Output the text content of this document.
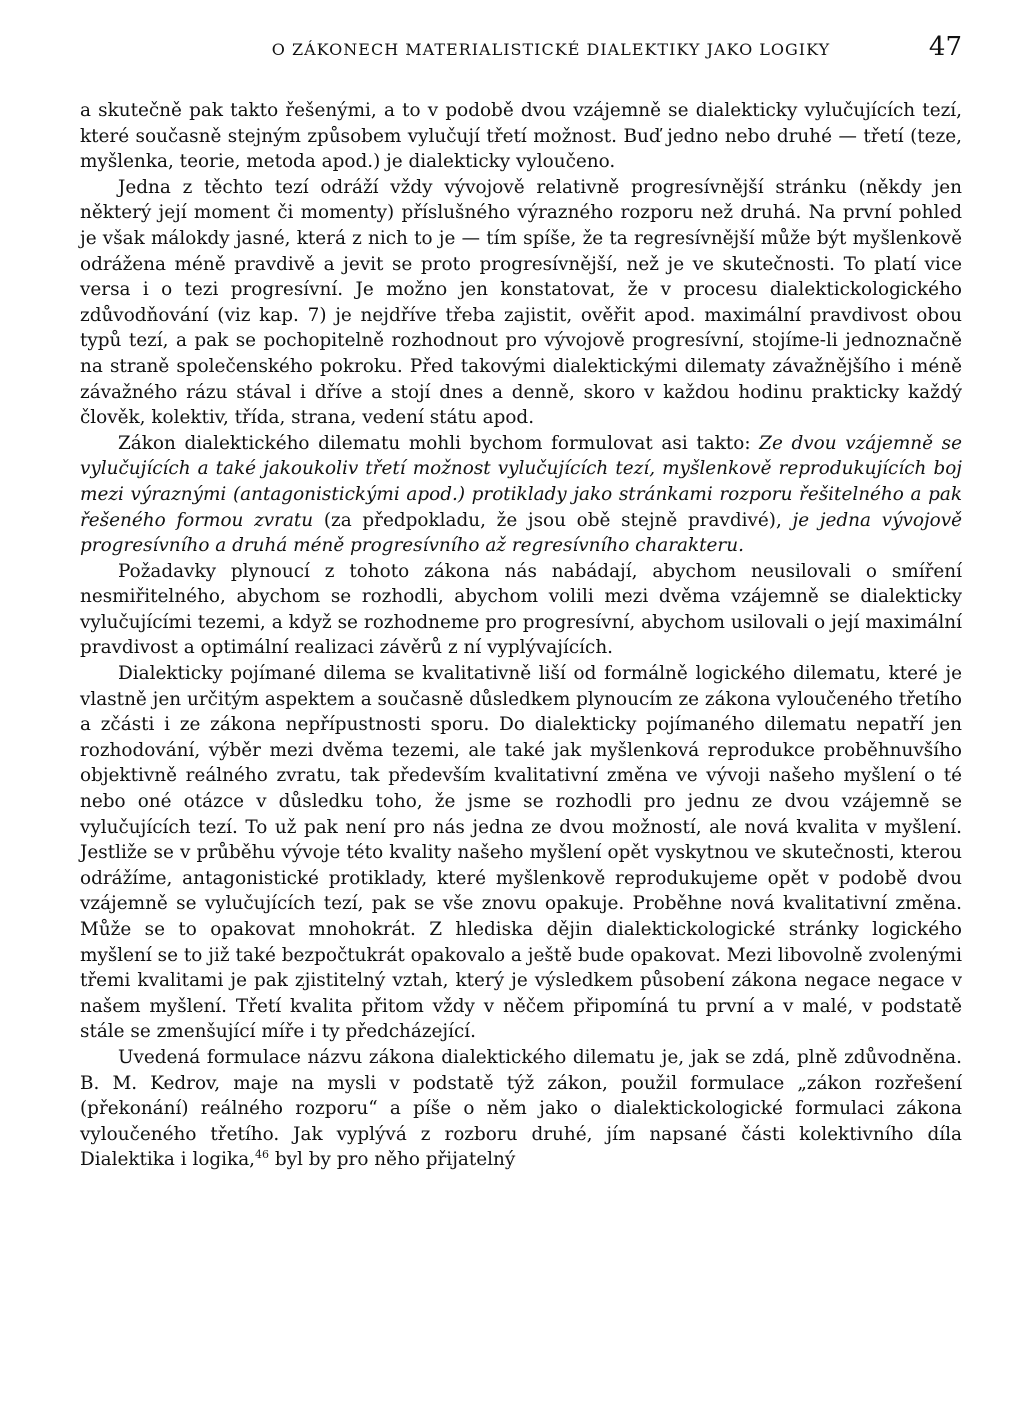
O ZÁKONECH MATERIALISTICKÉ DIALEKTIKY JAKO LOGIKY	47

a skutečně pak takto řešenými, a to v podobě dvou vzájemně se dialekticky vylučujících tezí, které současně stejným způsobem vylučují třetí možnost. Buď jedno nebo druhé — třetí (teze, myšlenka, teorie, metoda apod.) je dialekticky vyloučeno.

Jedna z těchto tezí odráží vždy vývojově relativně progresívnější stránku (někdy jen některý její moment či momenty) příslušného výrazného rozporu než druhá. Na první pohled je však málokdy jasné, která z nich to je — tím spíše, že ta regresívnější může být myšlenkově odrážena méně pravdivě a jevit se proto progresívnější, než je ve skutečnosti. To platí vice versa i o tezi progresívní. Je možno jen konstatovat, že v procesu dialektickologického zdůvodňování (viz kap. 7) je nejdříve třeba zajistit, ověřit apod. maximální pravdivost obou typů tezí, a pak se pochopitelně rozhodnout pro vývojově progresívní, stojíme-li jednoznačně na straně společenského pokroku. Před takovými dialektickými dilematy závažnějšího i méně závažného rázu stával i dříve a stojí dnes a denně, skoro v každou hodinu prakticky každý člověk, kolektiv, třída, strana, vedení státu apod.

Zákon dialektického dilematu mohli bychom formulovat asi takto: Ze dvou vzájemně se vylučujících a také jakoukoliv třetí možnost vylučujících tezí, myšlenkově reprodukujících boj mezi výraznými (antagonistickými apod.) protiklady jako stránkami rozporu řešitelného a pak řešeného formou zvratu (za předpokladu, že jsou obě stejně pravdivé), je jedna vývojově progresívního a druhá méně progresívního až regresívního charakteru.

Požadavky plynoucí z tohoto zákona nás nabádají, abychom neusilovali o smíření nesmiřitelného, abychom se rozhodli, abychom volili mezi dvěma vzájemně se dialekticky vylučujícími tezemi, a když se rozhodneme pro progresívní, abychom usilovali o její maximální pravdivost a optimální realizaci závěrů z ní vyplývajících.

Dialekticky pojímané dilema se kvalitativně liší od formálně logického dilematu, které je vlastně jen určitým aspektem a současně důsledkem plynoucím ze zákona vyloučeného třetího a zčásti i ze zákona nepřípustnosti sporu. Do dialekticky pojímaného dilematu nepatří jen rozhodování, výběr mezi dvěma tezemi, ale také jak myšlenková reprodukce proběhnuvšího objektivně reálného zvratu, tak především kvalitativní změna ve vývoji našeho myšlení o té nebo oné otázce v důsledku toho, že jsme se rozhodli pro jednu ze dvou vzájemně se vylučujících tezí. To už pak není pro nás jedna ze dvou možností, ale nová kvalita v myšlení. Jestliže se v průběhu vývoje této kvality našeho myšlení opět vyskytnou ve skutečnosti, kterou odrážíme, antagonistické protiklady, které myšlenkově reprodukujeme opět v podobě dvou vzájemně se vylučujících tezí, pak se vše znovu opakuje. Proběhne nová kvalitativní změna. Může se to opakovat mnohokrát. Z hlediska dějin dialektickologické stránky logického myšlení se to již také bezpočtukrát opakovalo a ještě bude opakovat. Mezi libovolně zvolenými třemi kvalitami je pak zjistitelný vztah, který je výsledkem působení zákona negace negace v našem myšlení. Třetí kvalita přitom vždy v něčem připomíná tu první a v malé, v podstatě stále se zmenšující míře i ty předcházející.

Uvedená formulace názvu zákona dialektického dilematu je, jak se zdá, plně zdůvodněna. B. M. Kedrov, maje na mysli v podstatě týž zákon, použil formulace „zákon rozřešení (překonání) reálného rozporu“ a píše o něm jako o dialektickologické formulaci zákona vyloučeného třetího. Jak vyplývá z rozboru druhé, jím napsané části kolektivního díla Dialektika i logika,$^{46}$ byl by pro něho přijatelný
